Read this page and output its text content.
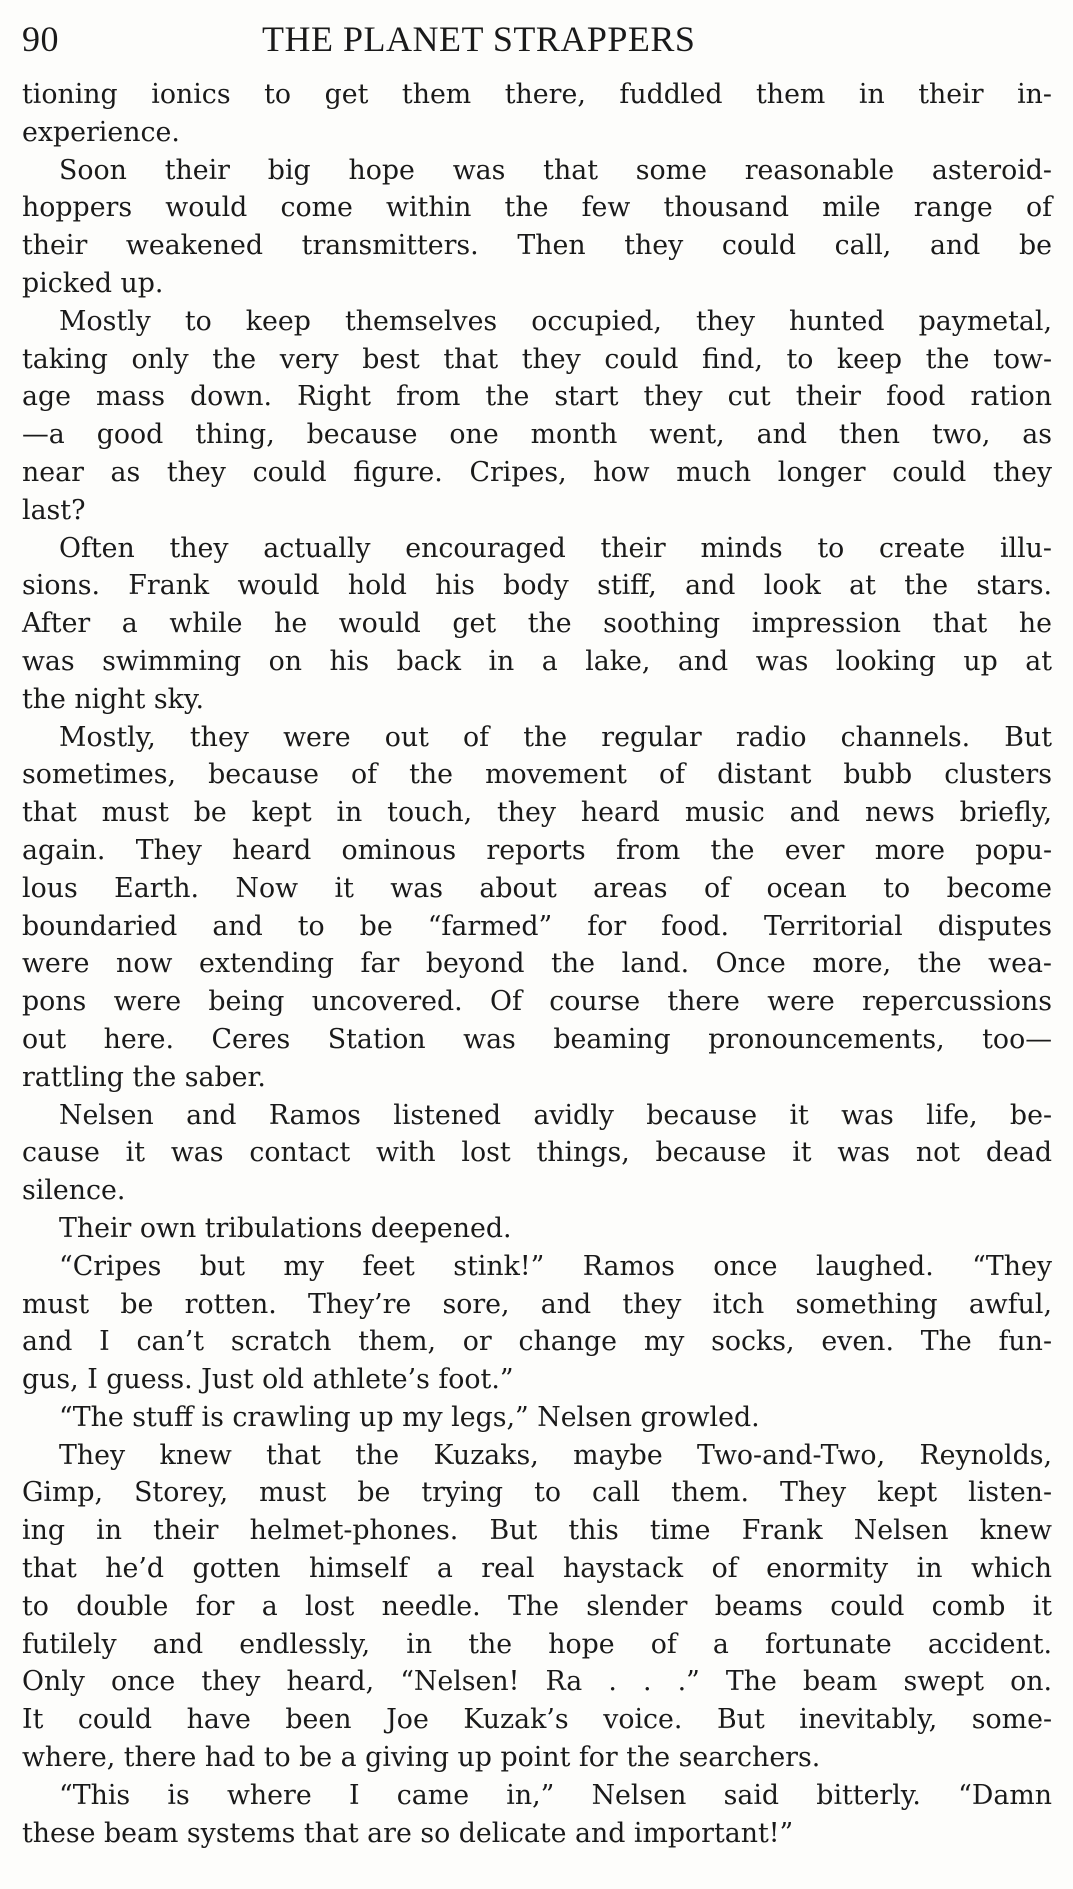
90	THE PLANET STRAPPERS
tioning ionics to get them there, fuddled them in their in-
experience.
Soon their big hope was that some reasonable asteroid-
hoppers would come within the few thousand mile range of
their weakened transmitters. Then they could call, and be
picked up.
Mostly to keep themselves occupied, they hunted paymetal,
taking only the very best that they could find, to keep the tow-
age mass down. Right from the start they cut their food ration
—a good thing, because one month went, and then two, as
near as they could figure. Cripes, how much longer could they
last?
Often they actually encouraged their minds to create illu-
sions. Frank would hold his body stiff, and look at the stars.
After a while he would get the soothing impression that he
was swimming on his back in a lake, and was looking up at
the night sky.
Mostly, they were out of the regular radio channels. But
sometimes, because of the movement of distant bubb clusters
that must be kept in touch, they heard music and news briefly,
again. They heard ominous reports from the ever more popu-
lous Earth. Now it was about areas of ocean to become
boundaried and to be “farmed” for food. Territorial disputes
were now extending far beyond the land. Once more, the wea-
pons were being uncovered. Of course there were repercussions
out here. Ceres Station was beaming pronouncements, too—
rattling the saber.
Nelsen and Ramos listened avidly because it was life, be-
cause it was contact with lost things, because it was not dead
silence.
Their own tribulations deepened.
“Cripes but my feet stink!” Ramos once laughed. “They
must be rotten. They’re sore, and they itch something awful,
and I can’t scratch them, or change my socks, even. The fun-
gus, I guess. Just old athlete’s foot.”
“The stuff is crawling up my legs,” Nelsen growled.
They knew that the Kuzaks, maybe Two-and-Two, Reynolds,
Gimp, Storey, must be trying to call them. They kept listen-
ing in their helmet-phones. But this time Frank Nelsen knew
that he’d gotten himself a real haystack of enormity in which
to double for a lost needle. The slender beams could comb it
futilely and endlessly, in the hope of a fortunate accident.
Only once they heard, “Nelsen! Ra . . .” The beam swept on.
It could have been Joe Kuzak’s voice. But inevitably, some-
where, there had to be a giving up point for the searchers.
“This is where I came in,” Nelsen said bitterly. “Damn
these beam systems that are so delicate and important!”
